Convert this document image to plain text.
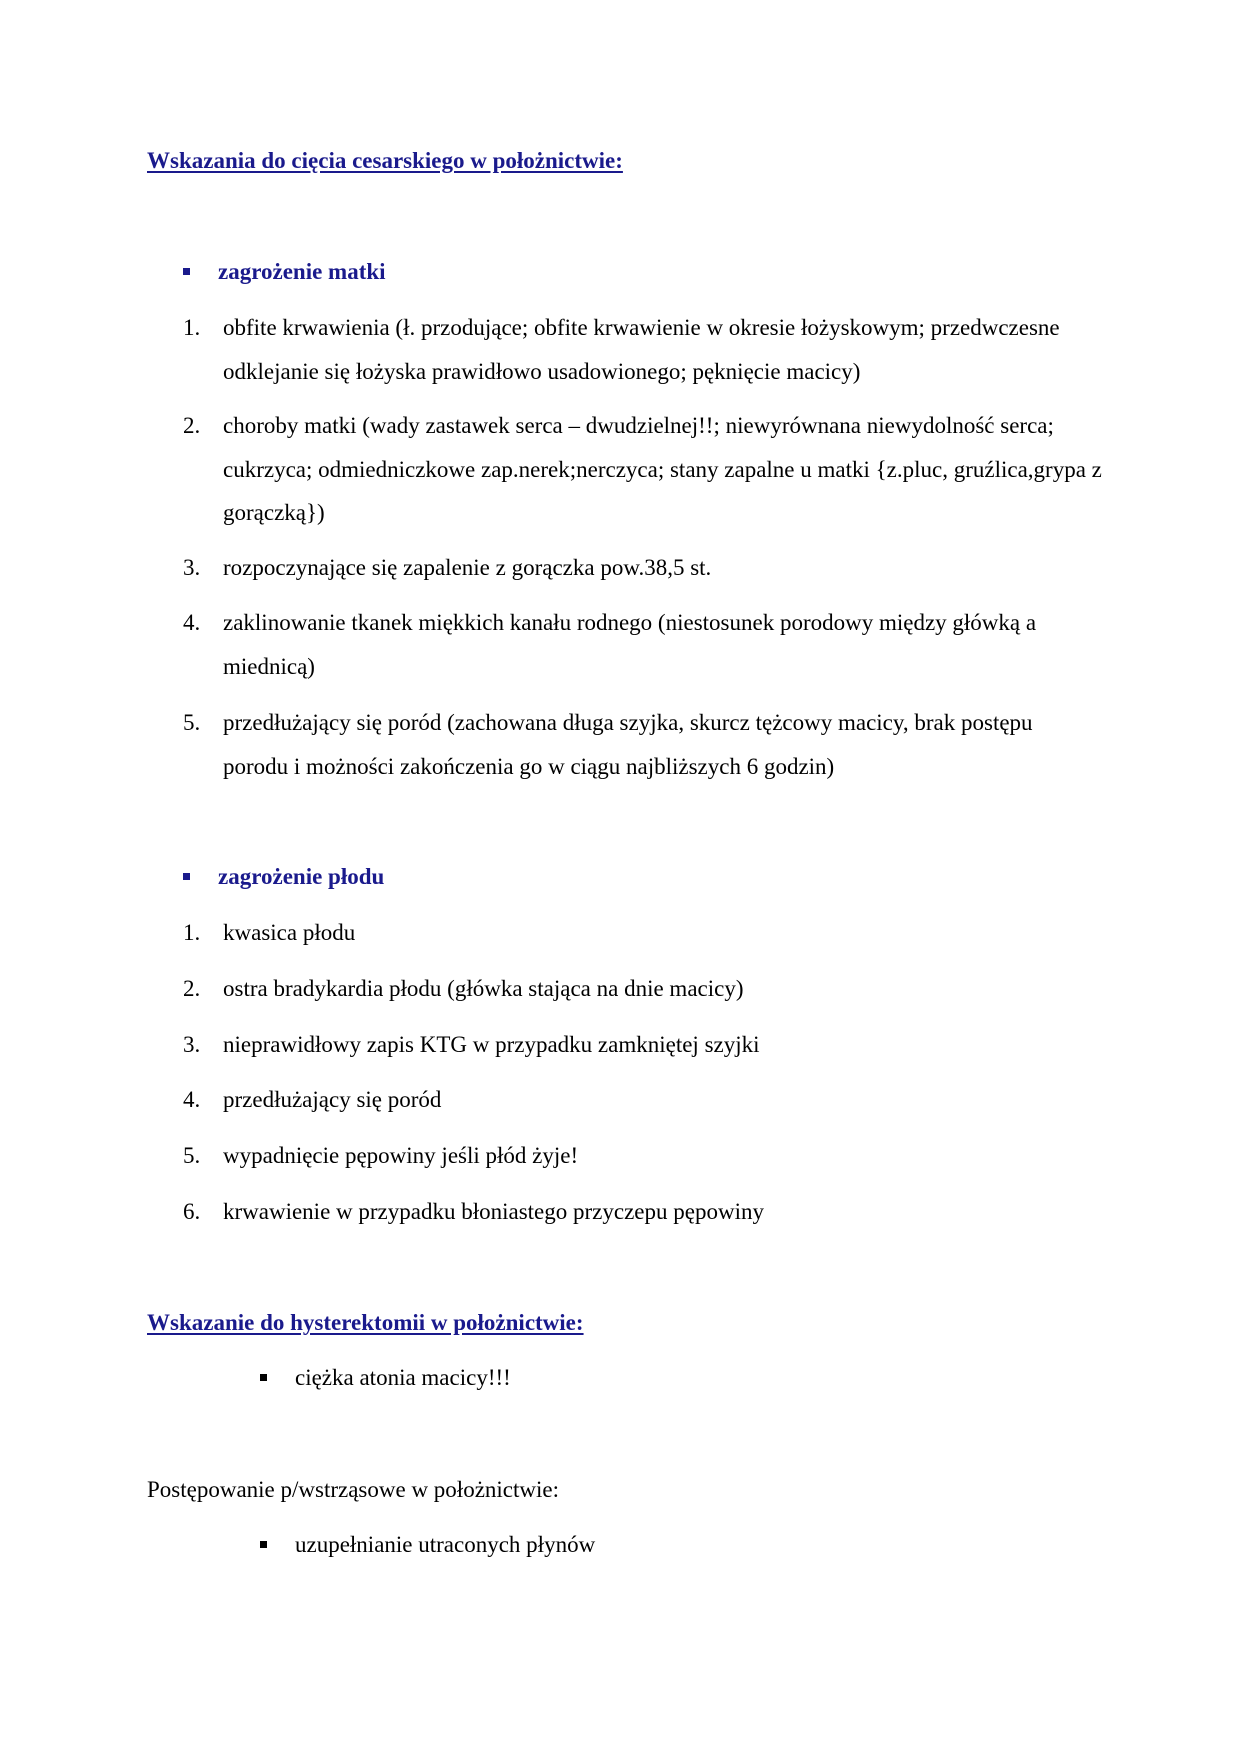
Wskazania do cięcia cesarskiego w położnictwie:
zagrożenie matki
1. obfite krwawienia (ł. przodujące; obfite krwawienie w okresie łożyskowym; przedwczesne odklejanie się łożyska prawidłowo usadowionego; pęknięcie macicy)
2. choroby matki (wady zastawek serca – dwudzielnej!!; niewyrównana niewydolność serca; cukrzyca; odmiedniczkowe zap.nerek;nerczyca; stany zapalne u matki {z.pluc, gruźlica,grypa z gorączką})
3. rozpoczynające się zapalenie z gorączka pow.38,5 st.
4. zaklinowanie tkanek miękkich kanału rodnego (niestosunek porodowy między główką a miednicą)
5. przedłużający się poród (zachowana długa szyjka, skurcz tężcowy macicy, brak postępu porodu i możności zakończenia go w ciągu najbliższych 6 godzin)
zagrożenie płodu
1. kwasica płodu
2. ostra bradykardia płodu (główka stająca na dnie macicy)
3. nieprawidłowy zapis KTG w przypadku zamkniętej szyjki
4. przedłużający się poród
5. wypadnięcie pępowiny jeśli płód żyje!
6. krwawienie w przypadku błoniastego przyczepu pępowiny
Wskazanie do hysterektomii w położnictwie:
ciężka atonia macicy!!!
Postępowanie p/wstrząsowe w położnictwie:
uzupełnianie utraconych płynów
